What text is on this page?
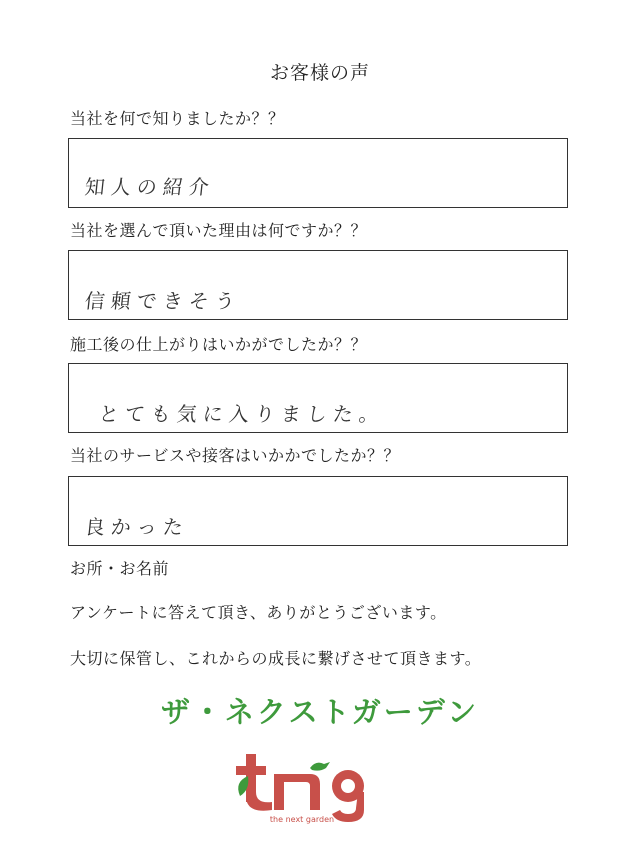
お客様の声
当社を何で知りましたか？？
知人の紹介
当社を選んで頂いた理由は何ですか？？
信頼できそう
施工後の仕上がりはいかがでしたか？？
とても気に入りました。
当社のサービスや接客はいかかでしたか？？
良かった
お所・お名前
アンケートに答えて頂き、ありがとうございます。
大切に保管し、これからの成長に繋げさせて頂きます。
ザ・ネクストガーデン
the next garden
